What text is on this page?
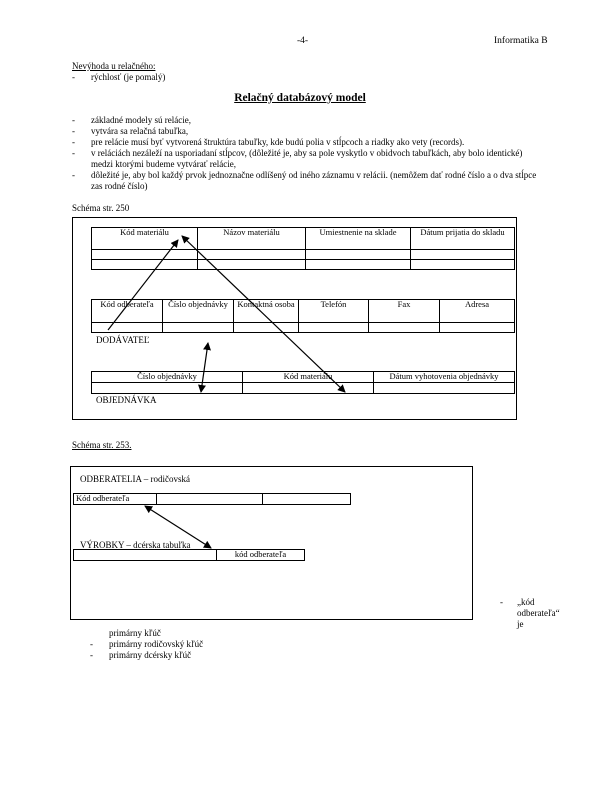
-4-	Informatika B
Nevýhoda u relačného:
- rýchlosť (je pomalý)
Relačný databázový model
-	základné modely sú relácie,
-	vytvára sa relačná tabuľka,
-	pre relácie musí byť vytvorená štruktúra tabuľky, kde budú polia v stĺpcoch a riadky ako vety (records).
-	v reláciách nezáleží na usporiadaní stĺpcov, (dôležité je, aby sa pole vyskytlo v obidvoch tabuľkách, aby bolo identické) medzi ktorými budeme vytvárať relácie,
-	dôležité je, aby bol každý prvok jednoznačne odlíšený od iného záznamu v relácii. (nemôžem dať rodné číslo a o dva stĺpce zas rodné číslo)
Schéma str. 250
Kód materiálu	Názov materiálu	Umiestnenie na sklade	Dátum prijatia do skladu

Kód odberateľa	Číslo objednávky	Kontaktná osoba	Telefón	Fax	Adresa

DODÁVATEĽ
Číslo objednávky	Kód materiálu	Dátum vyhotovenia objednávky

OBJEDNÁVKA
Schéma str. 253.
ODBERATELIA – rodičovská
Kód odberateľa		
VÝROBKY – dcérska tabuľka
	kód odberateľa
- „kód odberateľa“ je
primárny kľúč
-	primárny rodičovský kľúč
-	primárny dcérsky kľúč
